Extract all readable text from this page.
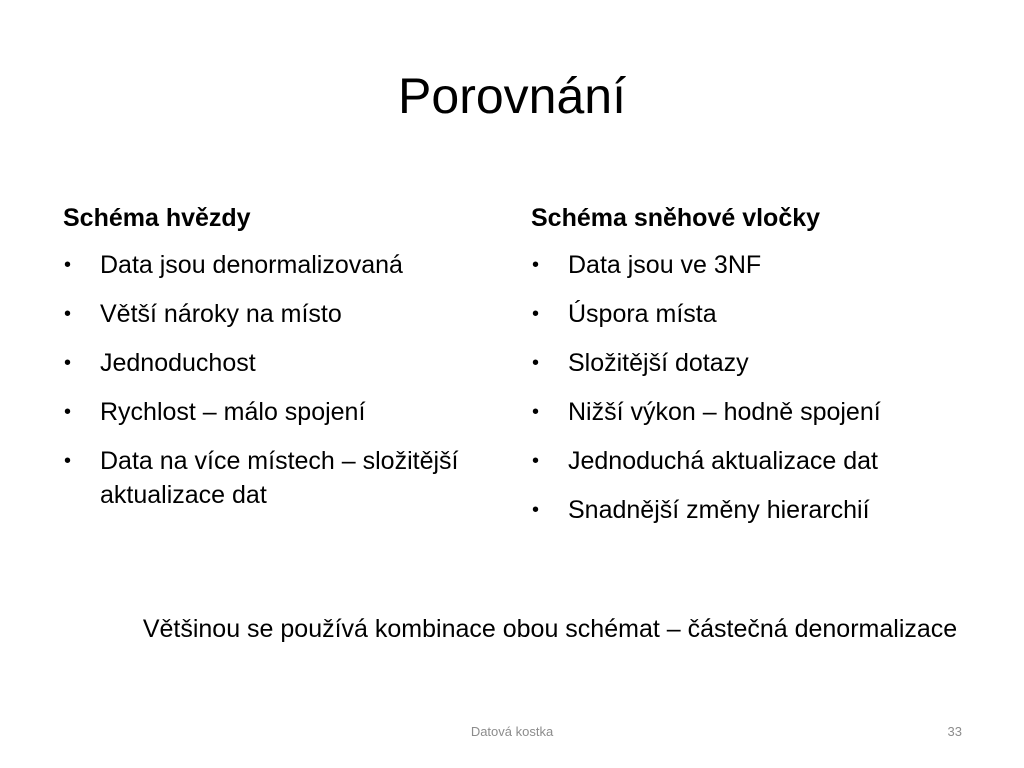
Porovnání
Schéma hvězdy
•	Data jsou denormalizovaná
•	Větší nároky na místo
•	Jednoduchost
•	Rychlost – málo spojení
•	Data na více místech – složitější aktualizace dat
Schéma sněhové vločky
•	Data jsou ve 3NF
•	Úspora místa
•	Složitější dotazy
•	Nižší výkon – hodně spojení
•	Jednoduchá aktualizace dat
•	Snadnější změny hierarchií
Většinou se používá kombinace obou schémat – částečná denormalizace
Datová kostka	33
